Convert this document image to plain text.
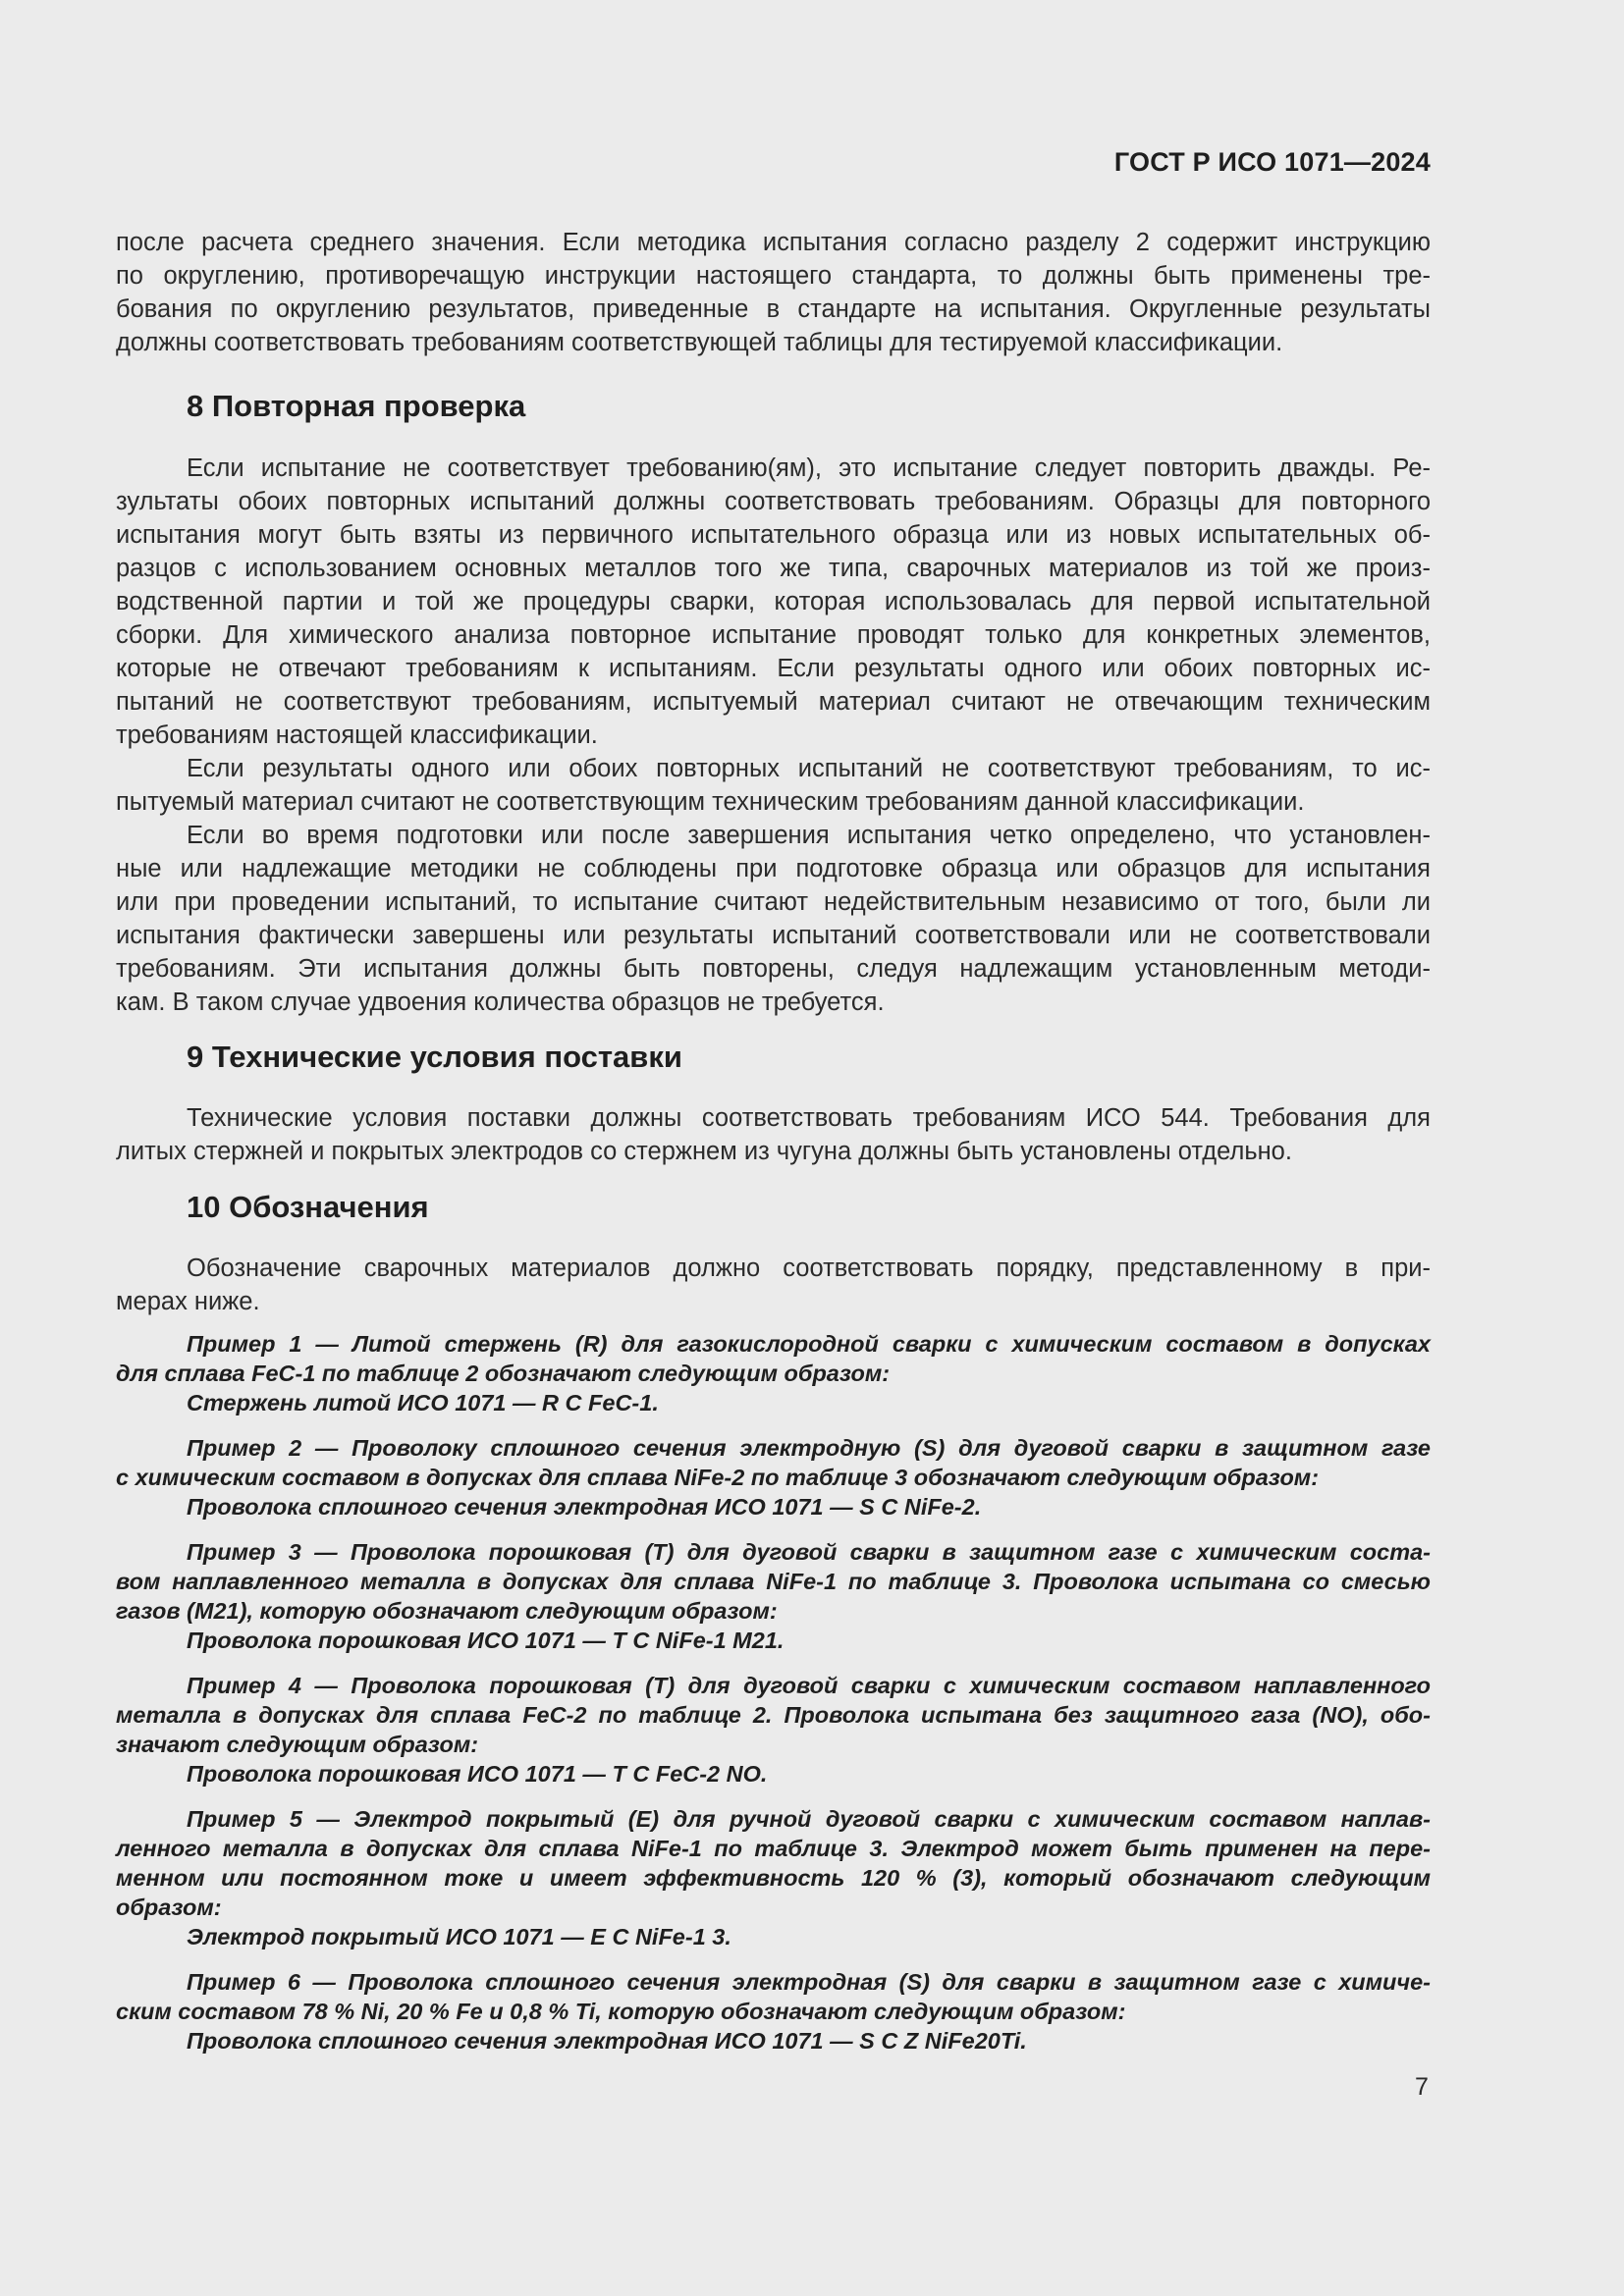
ГОСТ Р ИСО 1071—2024
после расчета среднего значения. Если методика испытания согласно разделу 2 содержит инструкцию
по округлению, противоречащую инструкции настоящего стандарта, то должны быть применены тре-
бования по округлению результатов, приведенные в стандарте на испытания. Округленные результаты
должны соответствовать требованиям соответствующей таблицы для тестируемой классификации.
8 Повторная проверка
Если испытание не соответствует требованию(ям), это испытание следует повторить дважды. Ре-
зультаты обоих повторных испытаний должны соответствовать требованиям. Образцы для повторного
испытания могут быть взяты из первичного испытательного образца или из новых испытательных об-
разцов с использованием основных металлов того же типа, сварочных материалов из той же произ-
водственной партии и той же процедуры сварки, которая использовалась для первой испытательной
сборки. Для химического анализа повторное испытание проводят только для конкретных элементов,
которые не отвечают требованиям к испытаниям. Если результаты одного или обоих повторных ис-
пытаний не соответствуют требованиям, испытуемый материал считают не отвечающим техническим
требованиям настоящей классификации.
Если результаты одного или обоих повторных испытаний не соответствуют требованиям, то ис-
пытуемый материал считают не соответствующим техническим требованиям данной классификации.
Если во время подготовки или после завершения испытания четко определено, что установлен-
ные или надлежащие методики не соблюдены при подготовке образца или образцов для испытания
или при проведении испытаний, то испытание считают недействительным независимо от того, были ли
испытания фактически завершены или результаты испытаний соответствовали или не соответствовали
требованиям. Эти испытания должны быть повторены, следуя надлежащим установленным методи-
кам. В таком случае удвоения количества образцов не требуется.
9 Технические условия поставки
Технические условия поставки должны соответствовать требованиям ИСО 544. Требования для
литых стержней и покрытых электродов со стержнем из чугуна должны быть установлены отдельно.
10 Обозначения
Обозначение сварочных материалов должно соответствовать порядку, представленному в при-
мерах ниже.
Пример 1 — Литой стержень (R) для газокислородной сварки с химическим составом в допусках
для сплава FeC-1 по таблице 2 обозначают следующим образом:
Стержень литой ИСО 1071 — R C FeC-1.
Пример 2 — Проволоку сплошного сечения электродную (S) для дуговой сварки в защитном газе
с химическим составом в допусках для сплава NiFe-2 по таблице 3 обозначают следующим образом:
Проволока сплошного сечения электродная ИСО 1071 — S C NiFe-2.
Пример 3 — Проволока порошковая (T) для дуговой сварки в защитном газе с химическим соста-
вом наплавленного металла в допусках для сплава NiFe-1 по таблице 3. Проволока испытана со смесью
газов (M21), которую обозначают следующим образом:
Проволока порошковая ИСО 1071 — T C NiFe-1 M21.
Пример 4 — Проволока порошковая (T) для дуговой сварки с химическим составом наплавленного
металла в допусках для сплава FeC-2 по таблице 2. Проволока испытана без защитного газа (NO), обо-
значают следующим образом:
Проволока порошковая ИСО 1071 — T C FeC-2 NO.
Пример 5 — Электрод покрытый (E) для ручной дуговой сварки с химическим составом наплав-
ленного металла в допусках для сплава NiFe-1 по таблице 3. Электрод может быть применен на пере-
менном или постоянном токе и имеет эффективность 120 % (3), который обозначают следующим
образом:
Электрод покрытый ИСО 1071 — E C NiFe-1 3.
Пример 6 — Проволока сплошного сечения электродная (S) для сварки в защитном газе с химиче-
ским составом 78 % Ni, 20 % Fe и 0,8 % Ti, которую обозначают следующим образом:
Проволока сплошного сечения электродная ИСО 1071 — S C Z NiFe20Ti.
7
